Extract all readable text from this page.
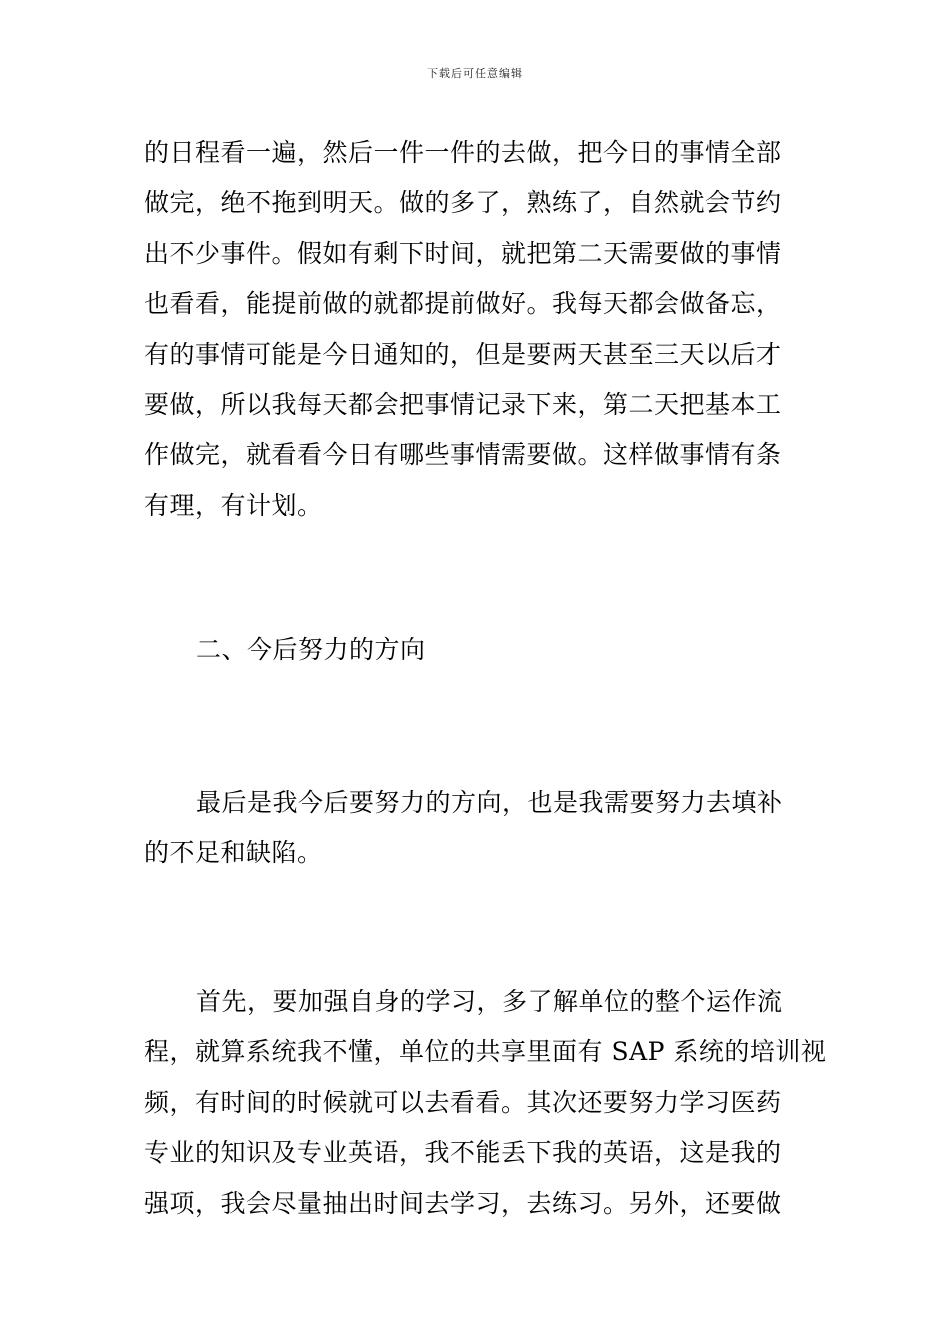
下载后可任意编辑
的日程看一遍，然后一件一件的去做，把今日的事情全部
做完，绝不拖到明天。做的多了，熟练了，自然就会节约
出不少事件。假如有剩下时间，就把第二天需要做的事情
也看看，能提前做的就都提前做好。我每天都会做备忘，
有的事情可能是今日通知的，但是要两天甚至三天以后才
要做，所以我每天都会把事情记录下来，第二天把基本工
作做完，就看看今日有哪些事情需要做。这样做事情有条
有理，有计划。
二、今后努力的方向
最后是我今后要努力的方向，也是我需要努力去填补
的不足和缺陷。
首先，要加强自身的学习，多了解单位的整个运作流
程，就算系统我不懂，单位的共享里面有 SAP 系统的培训视
频，有时间的时候就可以去看看。其次还要努力学习医药
专业的知识及专业英语，我不能丢下我的英语，这是我的
强项，我会尽量抽出时间去学习，去练习。另外，还要做
